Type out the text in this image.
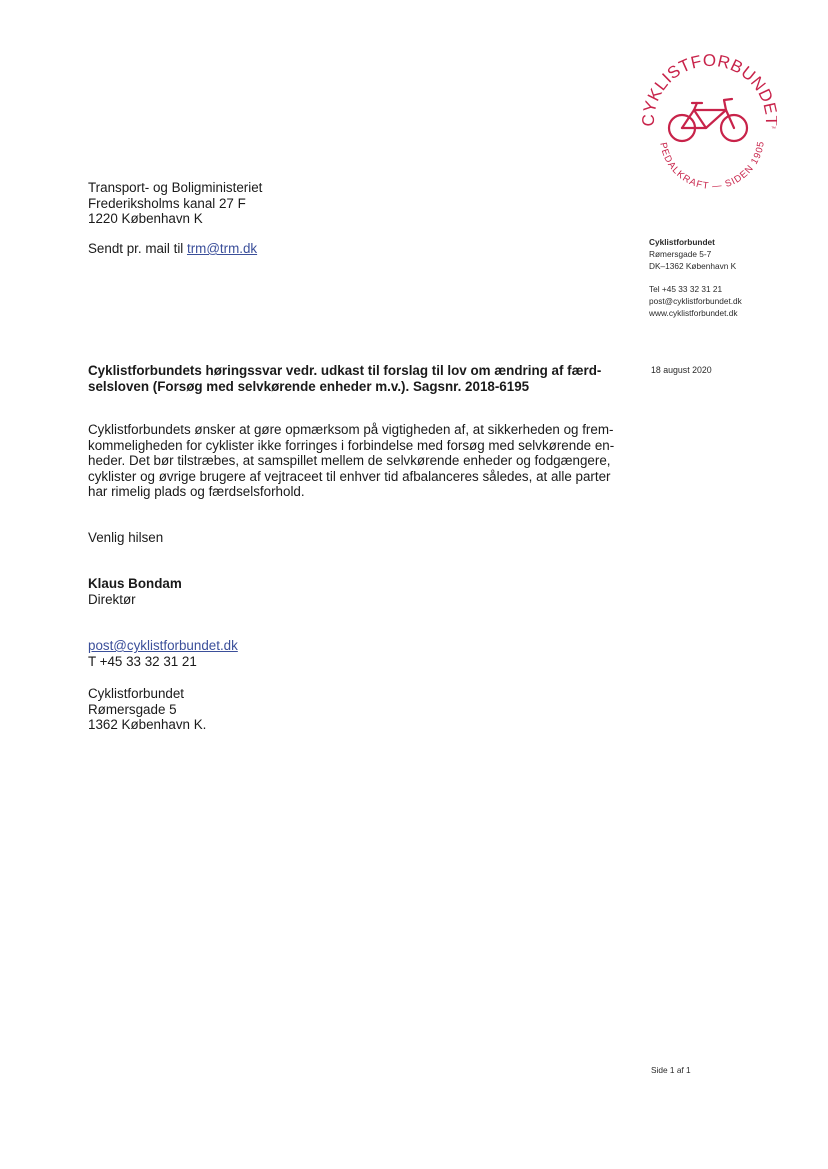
KLISTFORBUND
PEDALKRAFT — SIDEN 1905
™
Transport- og Boligministeriet
Frederiksholms kanal 27 F
1220 København K
Sendt pr. mail til trm@trm.dk	Cyklistforbundet
Rømersgade 5-7
DK–1362 København K
Tel +45 33 32 31 21
post@cyklistforbundet.dk
www.cyklistforbundet.dk
Cyklistforbundets høringssvar vedr. udkast til forslag til lov om ændring af færd-
selsloven (Forsøg med selvkørende enheder m.v.). Sagsnr. 2018-6195
18 august 2020
Cyklistforbundets ønsker at gøre opmærksom på vigtigheden af, at sikkerheden og frem-
kommeligheden for cyklister ikke forringes i forbindelse med forsøg med selvkørende en-
heder. Det bør tilstræbes, at samspillet mellem de selvkørende enheder og fodgængere,
cyklister og øvrige brugere af vejtraceet til enhver tid afbalanceres således, at alle parter
har rimelig plads og færdselsforhold.
Venlig hilsen
Klaus Bondam
Direktør
post@cyklistforbundet.dk
T +45 33 32 31 21
Cyklistforbundet
Rømersgade 5
1362 København K.
Side 1 af 1
